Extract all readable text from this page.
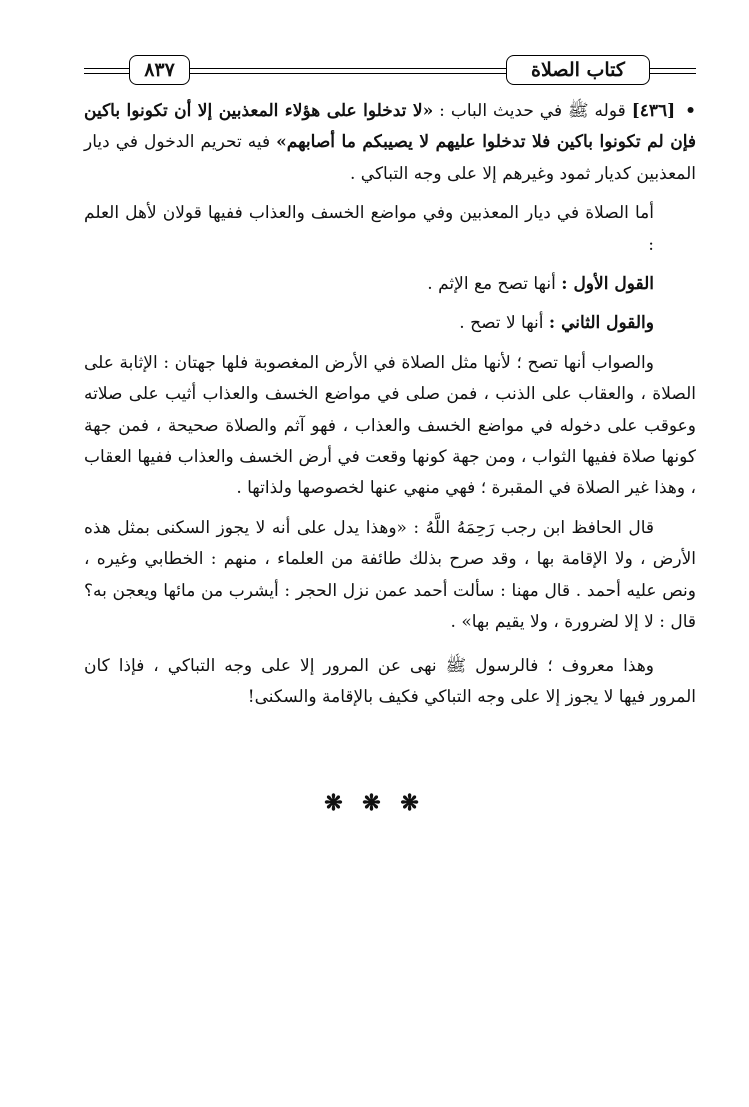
٨٣٧	كتاب الصلاة

• [٤٣٦] قوله ﷺ في حديث الباب : «لا تدخلوا على هؤلاء المعذبين إلا أن تكونوا باكين فإن لم تكونوا باكين فلا تدخلوا عليهم لا يصيبكم ما أصابهم» فيه تحريم الدخول في ديار المعذبين كديار ثمود وغيرهم إلا على وجه التباكي .

أما الصلاة في ديار المعذبين وفي مواضع الخسف والعذاب ففيها قولان لأهل العلم :

القول الأول : أنها تصح مع الإثم .

والقول الثاني : أنها لا تصح .

والصواب أنها تصح ؛ لأنها مثل الصلاة في الأرض المغصوبة فلها جهتان : الإثابة على الصلاة ، والعقاب على الذنب ، فمن صلى في مواضع الخسف والعذاب أثيب على صلاته وعوقب على دخوله في مواضع الخسف والعذاب ، فهو آثم والصلاة صحيحة ، فمن جهة كونها صلاة ففيها الثواب ، ومن جهة كونها وقعت في أرض الخسف والعذاب ففيها العقاب ، وهذا غير الصلاة في المقبرة ؛ فهي منهي عنها لخصوصها ولذاتها .

قال الحافظ ابن رجب رَحِمَهُ اللَّهُ : «وهذا يدل على أنه لا يجوز السكنى بمثل هذه الأرض ، ولا الإقامة بها ، وقد صرح بذلك طائفة من العلماء ، منهم : الخطابي وغيره ، ونص عليه أحمد . قال مهنا : سألت أحمد عمن نزل الحجر : أيشرب من مائها ويعجن به؟ قال : لا إلا لضرورة ، ولا يقيم بها» .

وهذا معروف ؛ فالرسول ﷺ نهى عن المرور إلا على وجه التباكي ، فإذا كان المرور فيها لا يجوز إلا على وجه التباكي فكيف بالإقامة والسكنى!

❋ ❋ ❋
